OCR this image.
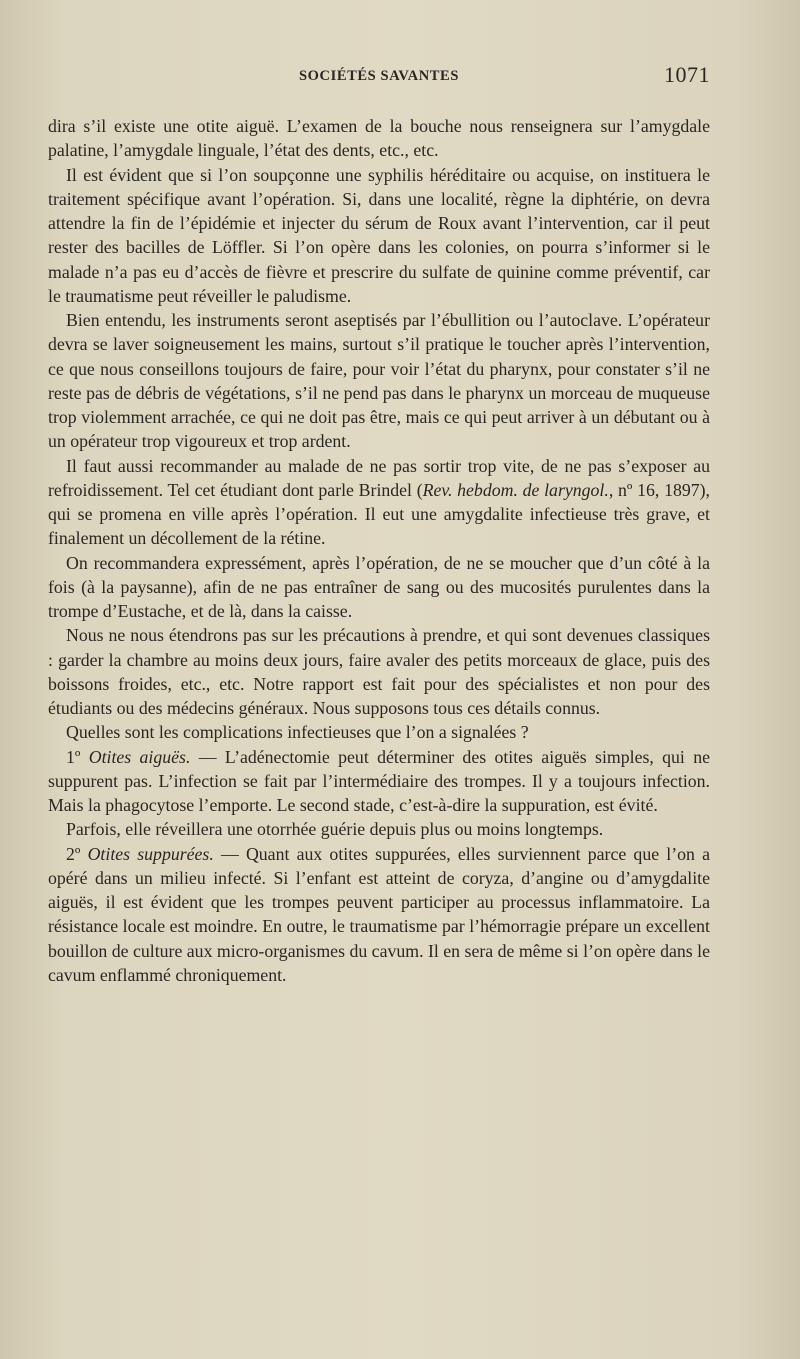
SOCIÉTÉS SAVANTES	1071

dira s’il existe une otite aiguë. L’examen de la bouche nous renseignera sur l’amygdale palatine, l’amygdale linguale, l’état des dents, etc., etc.

Il est évident que si l’on soupçonne une syphilis héréditaire ou acquise, on instituera le traitement spécifique avant l’opération. Si, dans une localité, règne la diphtérie, on devra attendre la fin de l’épidémie et injecter du sérum de Roux avant l’intervention, car il peut rester des bacilles de Löffler. Si l’on opère dans les colonies, on pourra s’informer si le malade n’a pas eu d’accès de fièvre et prescrire du sulfate de quinine comme préventif, car le traumatisme peut réveiller le paludisme.

Bien entendu, les instruments seront aseptisés par l’ébullition ou l’autoclave. L’opérateur devra se laver soigneusement les mains, surtout s’il pratique le toucher après l’intervention, ce que nous conseillons toujours de faire, pour voir l’état du pharynx, pour constater s’il ne reste pas de débris de végétations, s’il ne pend pas dans le pharynx un morceau de muqueuse trop violemment arrachée, ce qui ne doit pas être, mais ce qui peut arriver à un débutant ou à un opérateur trop vigoureux et trop ardent.

Il faut aussi recommander au malade de ne pas sortir trop vite, de ne pas s’exposer au refroidissement. Tel cet étudiant dont parle Brindel (Rev. hebdom. de laryngol., nº 16, 1897), qui se promena en ville après l’opération. Il eut une amygdalite infectieuse très grave, et finalement un décollement de la rétine.

On recommandera expressément, après l’opération, de ne se moucher que d’un côté à la fois (à la paysanne), afin de ne pas entraîner de sang ou des mucosités purulentes dans la trompe d’Eustache, et de là, dans la caisse.

Nous ne nous étendrons pas sur les précautions à prendre, et qui sont devenues classiques : garder la chambre au moins deux jours, faire avaler des petits morceaux de glace, puis des boissons froides, etc., etc. Notre rapport est fait pour des spécialistes et non pour des étudiants ou des médecins généraux. Nous supposons tous ces détails connus.

Quelles sont les complications infectieuses que l’on a signalées ?

1º Otites aiguës. — L’adénectomie peut déterminer des otites aiguës simples, qui ne suppurent pas. L’infection se fait par l’intermédiaire des trompes. Il y a toujours infection. Mais la phagocytose l’emporte. Le second stade, c’est-à-dire la suppuration, est évité.

Parfois, elle réveillera une otorrhée guérie depuis plus ou moins longtemps.

2º Otites suppurées. — Quant aux otites suppurées, elles surviennent parce que l’on a opéré dans un milieu infecté. Si l’enfant est atteint de coryza, d’angine ou d’amygdalite aiguës, il est évident que les trompes peuvent participer au processus inflammatoire. La résistance locale est moindre. En outre, le traumatisme par l’hémorragie prépare un excellent bouillon de culture aux micro-organismes du cavum. Il en sera de même si l’on opère dans le cavum enflammé chroniquement.
